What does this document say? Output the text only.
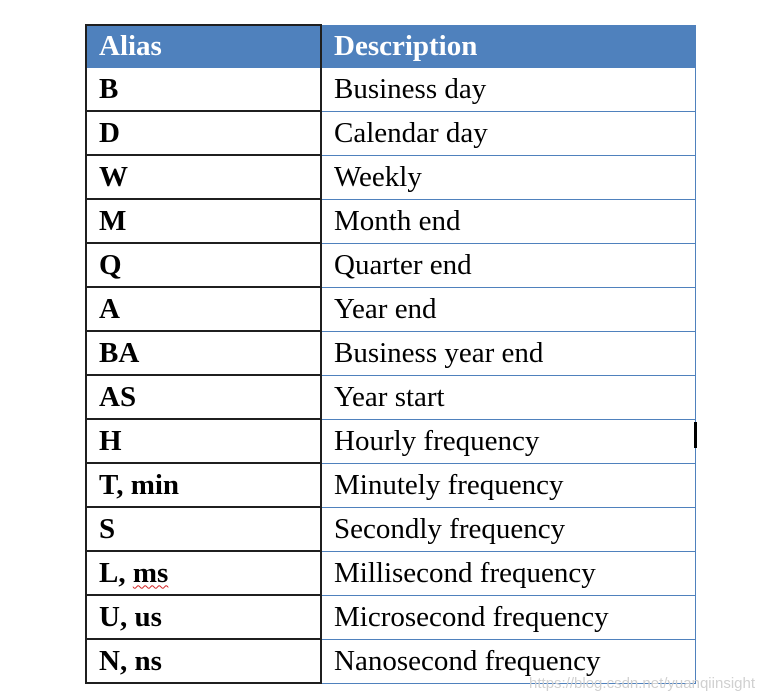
Alias	Description
B	Business day
D	Calendar day
W	Weekly
M	Month end
Q	Quarter end
A	Year end
BA	Business year end
AS	Year start
H	Hourly frequency
T, min	Minutely frequency
S	Secondly frequency
L, ms	Millisecond frequency
U, us	Microsecond frequency
N, ns	Nanosecond frequency
https://blog.csdn.net/yuanqiinsight
